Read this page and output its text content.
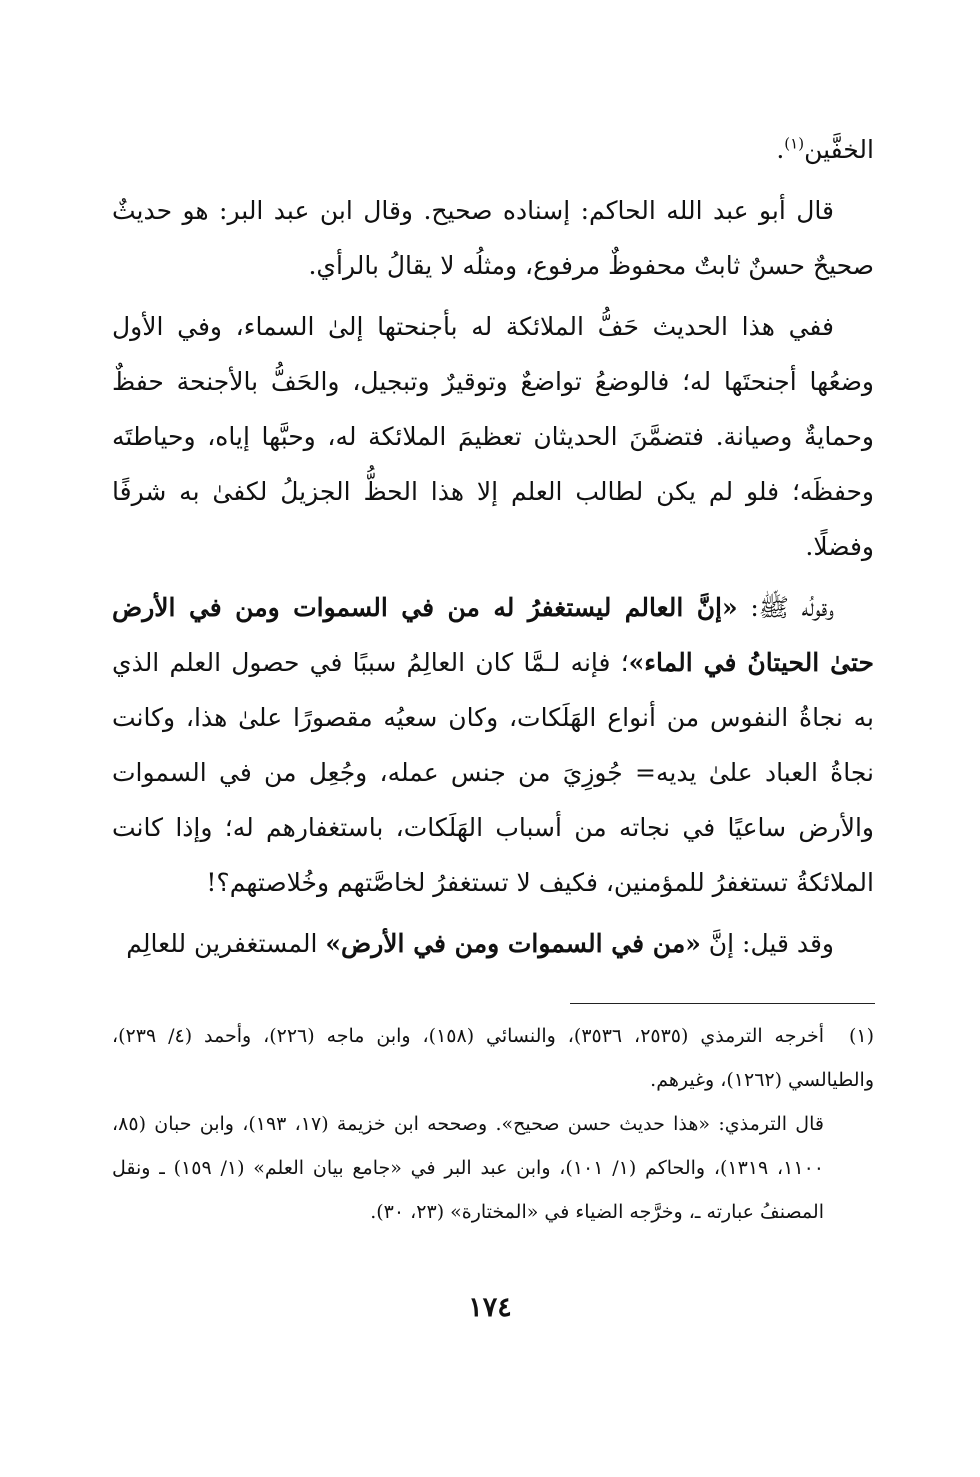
الخفَّين$^{(١)}$.

قال أبو عبد الله الحاكم: إسناده صحيح. وقال ابن عبد البر: هو حديثٌ صحيحٌ حسنٌ ثابتٌ محفوظٌ مرفوع، ومثلُه لا يقالُ بالرأي.

ففي هذا الحديث حَفُّ الملائكة له بأجنحتها إلىٰ السماء، وفي الأول وضعُها أجنحتَها له؛ فالوضعُ تواضعٌ وتوقيرٌ وتبجيل، والحَفُّ بالأجنحة حفظٌ وحمايةٌ وصيانة. فتضمَّنَ الحديثان تعظيمَ الملائكة له، وحبَّها إياه، وحياطتَه وحفظَه؛ فلو لم يكن لطالب العلم إلا هذا الحظُّ الجزيلُ لكفىٰ به شرفًا وفضلًا.

وقولُه ﷺ: «إنَّ العالم ليستغفرُ له من في السموات ومن في الأرض حتىٰ الحيتانُ في الماء»؛ فإنه لـمَّا كان العالِمُ سببًا في حصول العلم الذي به نجاةُ النفوس من أنواع الهَلَكات، وكان سعيُه مقصورًا علىٰ هذا، وكانت نجاةُ العباد علىٰ يديه= جُوزِيَ من جنس عمله، وجُعِل من في السموات والأرض ساعيًا في نجاته من أسباب الهَلَكات، باستغفارهم له؛ وإذا كانت الملائكةُ تستغفرُ للمؤمنين، فكيف لا تستغفرُ لخاصَّتهم وخُلاصتهم؟!

وقد قيل: إنَّ «من في السموات ومن في الأرض» المستغفرين للعالِم

(١)أخرجه الترمذي (٢٥٣٥، ٣٥٣٦)، والنسائي (١٥٨)، وابن ماجه (٢٢٦)، وأحمد (٤/ ٢٣٩)، والطيالسي (١٢٦٢)، وغيرهم.

قال الترمذي: «هذا حديث حسن صحيح». وصححه ابن خزيمة (١٧، ١٩٣)، وابن حبان (٨٥، ١١٠٠، ١٣١٩)، والحاكم (١/ ١٠١)، وابن عبد البر في «جامع بيان العلم» (١/ ١٥٩) ـ ونقل المصنفُ عبارته ـ، وخرَّجه الضياء في «المختارة» (٢٣، ٣٠).

١٧٤
